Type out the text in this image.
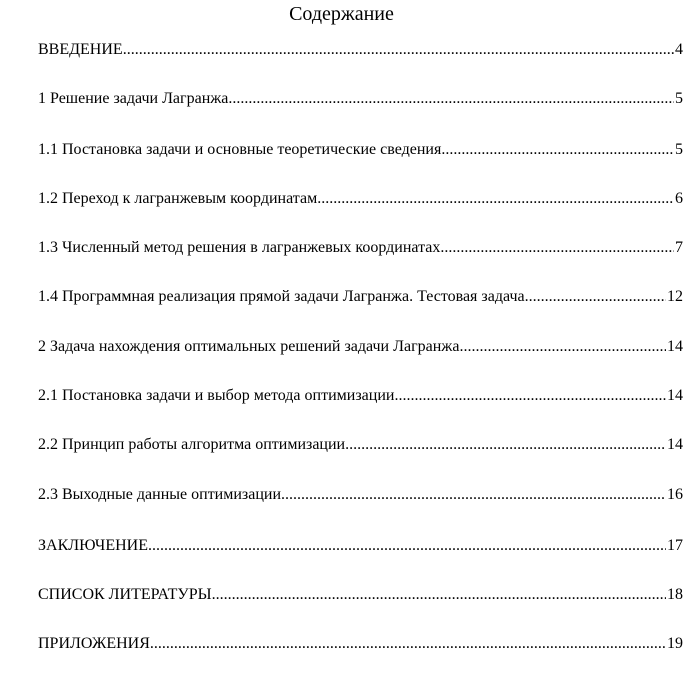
Содержание
ВВЕДЕНИЕ .....	4
1 Решение задачи Лагранжа .....	5
1.1 Постановка задачи и основные теоретические сведения .....	5
1.2 Переход к лагранжевым координатам .....	6
1.3 Численный метод решения в лагранжевых координатах .....	7
1.4 Программная реализация прямой задачи Лагранжа. Тестовая задача .....	12
2 Задача нахождения оптимальных решений задачи Лагранжа .....	14
2.1 Постановка задачи и выбор метода оптимизации .....	14
2.2 Принцип работы алгоритма оптимизации .....	14
2.3 Выходные данные оптимизации .....	16
ЗАКЛЮЧЕНИЕ .....	17
СПИСОК ЛИТЕРАТУРЫ .....	18
ПРИЛОЖЕНИЯ .....	19
